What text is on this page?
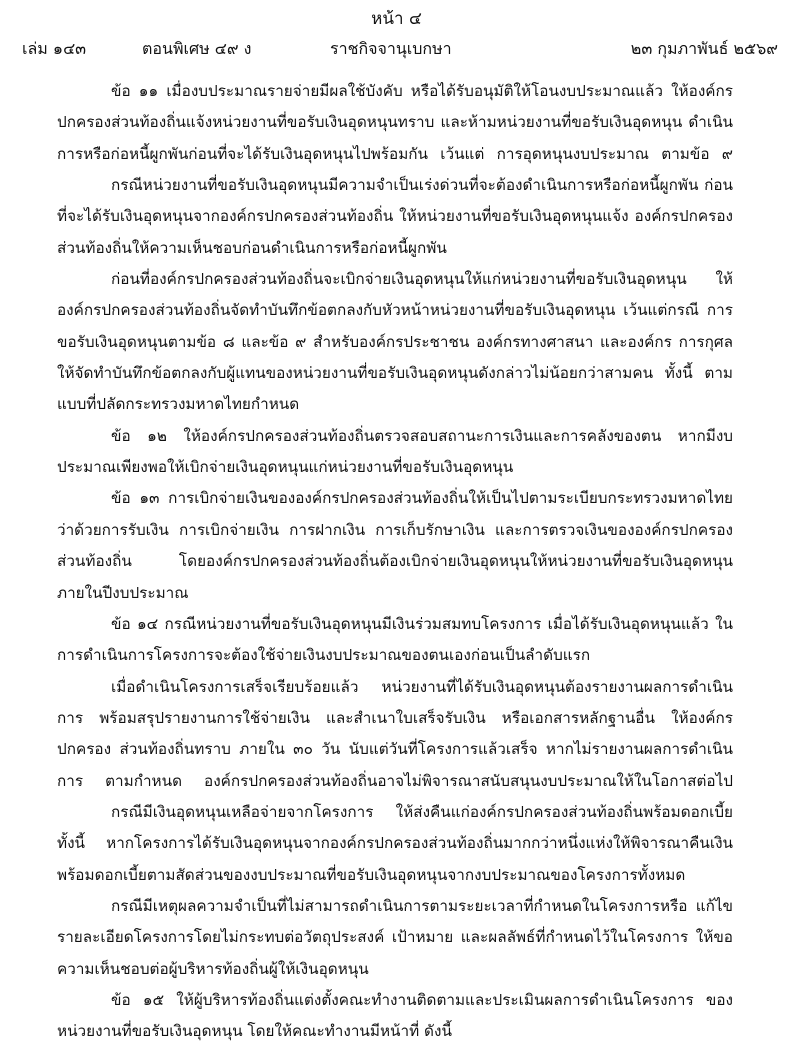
หน้า ๔
เล่ม ๑๔๓	ตอนพิเศษ ๔๙ ง	ราชกิจจานุเบกษา	๒๓ กุมภาพันธ์ ๒๕๖๙

ข้อ ๑๑ เมื่องบประมาณรายจ่ายมีผลใช้บังคับ หรือได้รับอนุมัติให้โอนงบประมาณแล้ว ให้องค์กรปกครองส่วนท้องถิ่นแจ้งหน่วยงานที่ขอรับเงินอุดหนุนทราบ และห้ามหน่วยงานที่ขอรับเงินอุดหนุน ดำเนินการหรือก่อหนี้ผูกพันก่อนที่จะได้รับเงินอุดหนุนไปพร้อมกัน เว้นแต่ การอุดหนุนงบประมาณ ตามข้อ ๙

กรณีหน่วยงานที่ขอรับเงินอุดหนุนมีความจำเป็นเร่งด่วนที่จะต้องดำเนินการหรือก่อหนี้ผูกพัน ก่อนที่จะได้รับเงินอุดหนุนจากองค์กรปกครองส่วนท้องถิ่น ให้หน่วยงานที่ขอรับเงินอุดหนุนแจ้ง องค์กรปกครองส่วนท้องถิ่นให้ความเห็นชอบก่อนดำเนินการหรือก่อหนี้ผูกพัน

ก่อนที่องค์กรปกครองส่วนท้องถิ่นจะเบิกจ่ายเงินอุดหนุนให้แก่หน่วยงานที่ขอรับเงินอุดหนุน ให้องค์กรปกครองส่วนท้องถิ่นจัดทำบันทึกข้อตกลงกับหัวหน้าหน่วยงานที่ขอรับเงินอุดหนุน เว้นแต่กรณี การขอรับเงินอุดหนุนตามข้อ ๘ และข้อ ๙ สำหรับองค์กรประชาชน องค์กรทางศาสนา และองค์กร การกุศลให้จัดทำบันทึกข้อตกลงกับผู้แทนของหน่วยงานที่ขอรับเงินอุดหนุนดังกล่าวไม่น้อยกว่าสามคน ทั้งนี้ ตามแบบที่ปลัดกระทรวงมหาดไทยกำหนด

ข้อ ๑๒ ให้องค์กรปกครองส่วนท้องถิ่นตรวจสอบสถานะการเงินและการคลังของตน หากมีงบประมาณเพียงพอให้เบิกจ่ายเงินอุดหนุนแก่หน่วยงานที่ขอรับเงินอุดหนุน

ข้อ ๑๓ การเบิกจ่ายเงินขององค์กรปกครองส่วนท้องถิ่นให้เป็นไปตามระเบียบกระทรวงมหาดไทย ว่าด้วยการรับเงิน การเบิกจ่ายเงิน การฝากเงิน การเก็บรักษาเงิน และการตรวจเงินขององค์กรปกครอง ส่วนท้องถิ่น โดยองค์กรปกครองส่วนท้องถิ่นต้องเบิกจ่ายเงินอุดหนุนให้หน่วยงานที่ขอรับเงินอุดหนุน ภายในปีงบประมาณ

ข้อ ๑๔ กรณีหน่วยงานที่ขอรับเงินอุดหนุนมีเงินร่วมสมทบโครงการ เมื่อได้รับเงินอุดหนุนแล้ว ในการดำเนินการโครงการจะต้องใช้จ่ายเงินงบประมาณของตนเองก่อนเป็นลำดับแรก

เมื่อดำเนินโครงการเสร็จเรียบร้อยแล้ว หน่วยงานที่ได้รับเงินอุดหนุนต้องรายงานผลการดำเนินการ พร้อมสรุปรายงานการใช้จ่ายเงิน และสำเนาใบเสร็จรับเงิน หรือเอกสารหลักฐานอื่น ให้องค์กรปกครอง ส่วนท้องถิ่นทราบ ภายใน ๓๐ วัน นับแต่วันที่โครงการแล้วเสร็จ หากไม่รายงานผลการดำเนินการ ตามกำหนด องค์กรปกครองส่วนท้องถิ่นอาจไม่พิจารณาสนับสนุนงบประมาณให้ในโอกาสต่อไป

กรณีมีเงินอุดหนุนเหลือจ่ายจากโครงการ ให้ส่งคืนแก่องค์กรปกครองส่วนท้องถิ่นพร้อมดอกเบี้ย ทั้งนี้ หากโครงการได้รับเงินอุดหนุนจากองค์กรปกครองส่วนท้องถิ่นมากกว่าหนึ่งแห่งให้พิจารณาคืนเงิน พร้อมดอกเบี้ยตามสัดส่วนของงบประมาณที่ขอรับเงินอุดหนุนจากงบประมาณของโครงการทั้งหมด

กรณีมีเหตุผลความจำเป็นที่ไม่สามารถดำเนินการตามระยะเวลาที่กำหนดในโครงการหรือ แก้ไขรายละเอียดโครงการโดยไม่กระทบต่อวัตถุประสงค์ เป้าหมาย และผลลัพธ์ที่กำหนดไว้ในโครงการ ให้ขอความเห็นชอบต่อผู้บริหารท้องถิ่นผู้ให้เงินอุดหนุน

ข้อ ๑๕ ให้ผู้บริหารท้องถิ่นแต่งตั้งคณะทำงานติดตามและประเมินผลการดำเนินโครงการ ของหน่วยงานที่ขอรับเงินอุดหนุน โดยให้คณะทำงานมีหน้าที่ ดังนี้
